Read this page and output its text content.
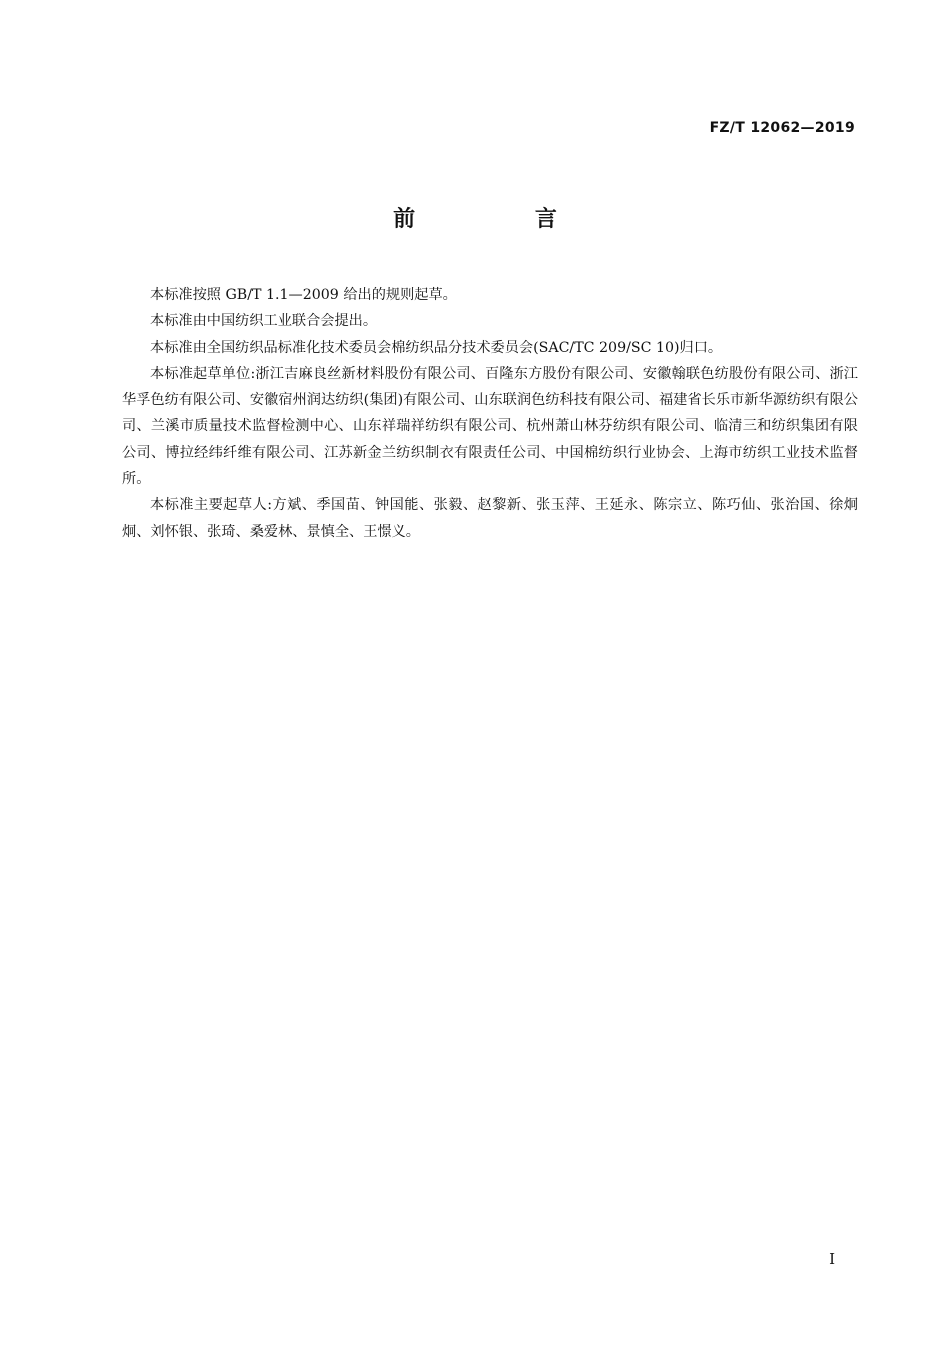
FZ/T 12062—2019
前 言

本标准按照 GB/T 1.1—2009 给出的规则起草。

本标准由中国纺织工业联合会提出。

本标准由全国纺织品标准化技术委员会棉纺织品分技术委员会(SAC/TC 209/SC 10)归口。

本标准起草单位:浙江吉麻良丝新材料股份有限公司、百隆东方股份有限公司、安徽翰联色纺股份有限公司、浙江华孚色纺有限公司、安徽宿州润达纺织(集团)有限公司、山东联润色纺科技有限公司、福建省长乐市新华源纺织有限公司、兰溪市质量技术监督检测中心、山东祥瑞祥纺织有限公司、杭州萧山林芬纺织有限公司、临清三和纺织集团有限公司、博拉经纬纤维有限公司、江苏新金兰纺织制衣有限责任公司、中国棉纺织行业协会、上海市纺织工业技术监督所。

本标准主要起草人:方斌、季国苗、钟国能、张毅、赵黎新、张玉萍、王延永、陈宗立、陈巧仙、张治国、徐炯炯、刘怀银、张琦、桑爱林、景慎全、王憬义。

I
